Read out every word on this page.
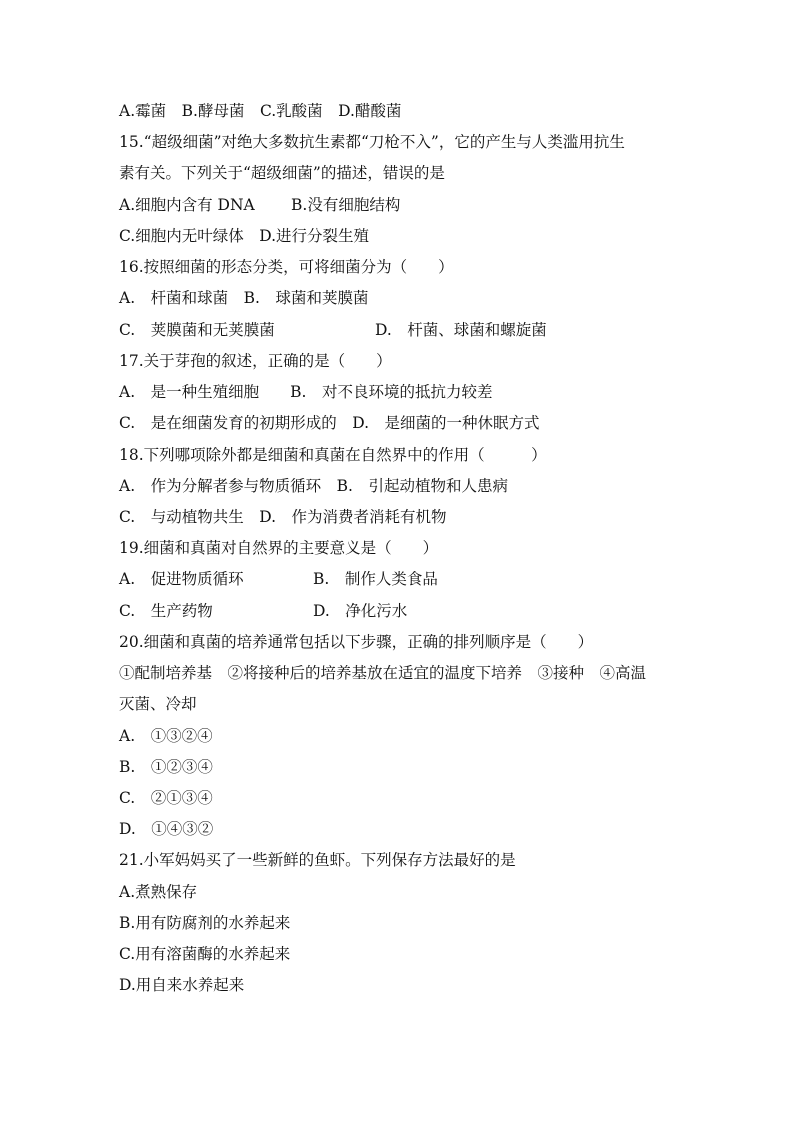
A.霉菌　B.酵母菌　C.乳酸菌　D.醋酸菌
15.“超级细菌”对绝大多数抗生素都“刀枪不入”，它的产生与人类滥用抗生
素有关。下列关于“超级细菌”的描述，错误的是
A.细胞内含有 DNA B.没有细胞结构
C.细胞内无叶绿体　D.进行分裂生殖
16.按照细菌的形态分类，可将细菌分为（　　）
A.　杆菌和球菌　B.　球菌和荚膜菌
C.　荚膜菌和无荚膜菌	D.　杆菌、球菌和螺旋菌
17.关于芽孢的叙述，正确的是（　　）
A.　是一种生殖细胞　　B.　对不良环境的抵抗力较差
C.　是在细菌发育的初期形成的　D.　是细菌的一种休眠方式
18.下列哪项除外都是细菌和真菌在自然界中的作用（　　　）
A.　作为分解者参与物质循环　B.　引起动植物和人患病
C.　与动植物共生　D.　作为消费者消耗有机物
19.细菌和真菌对自然界的主要意义是（　　）
A.　促进物质循环	B.　制作人类食品
C.　生产药物	D.　净化污水
20.细菌和真菌的培养通常包括以下步骤，正确的排列顺序是（　　）
①配制培养基　②将接种后的培养基放在适宜的温度下培养　③接种　④高温
灭菌、冷却
A.　①③②④
B.　①②③④
C.　②①③④
D.　①④③②
21.小军妈妈买了一些新鲜的鱼虾。下列保存方法最好的是
A.煮熟保存
B.用有防腐剂的水养起来
C.用有溶菌酶的水养起来
D.用自来水养起来
